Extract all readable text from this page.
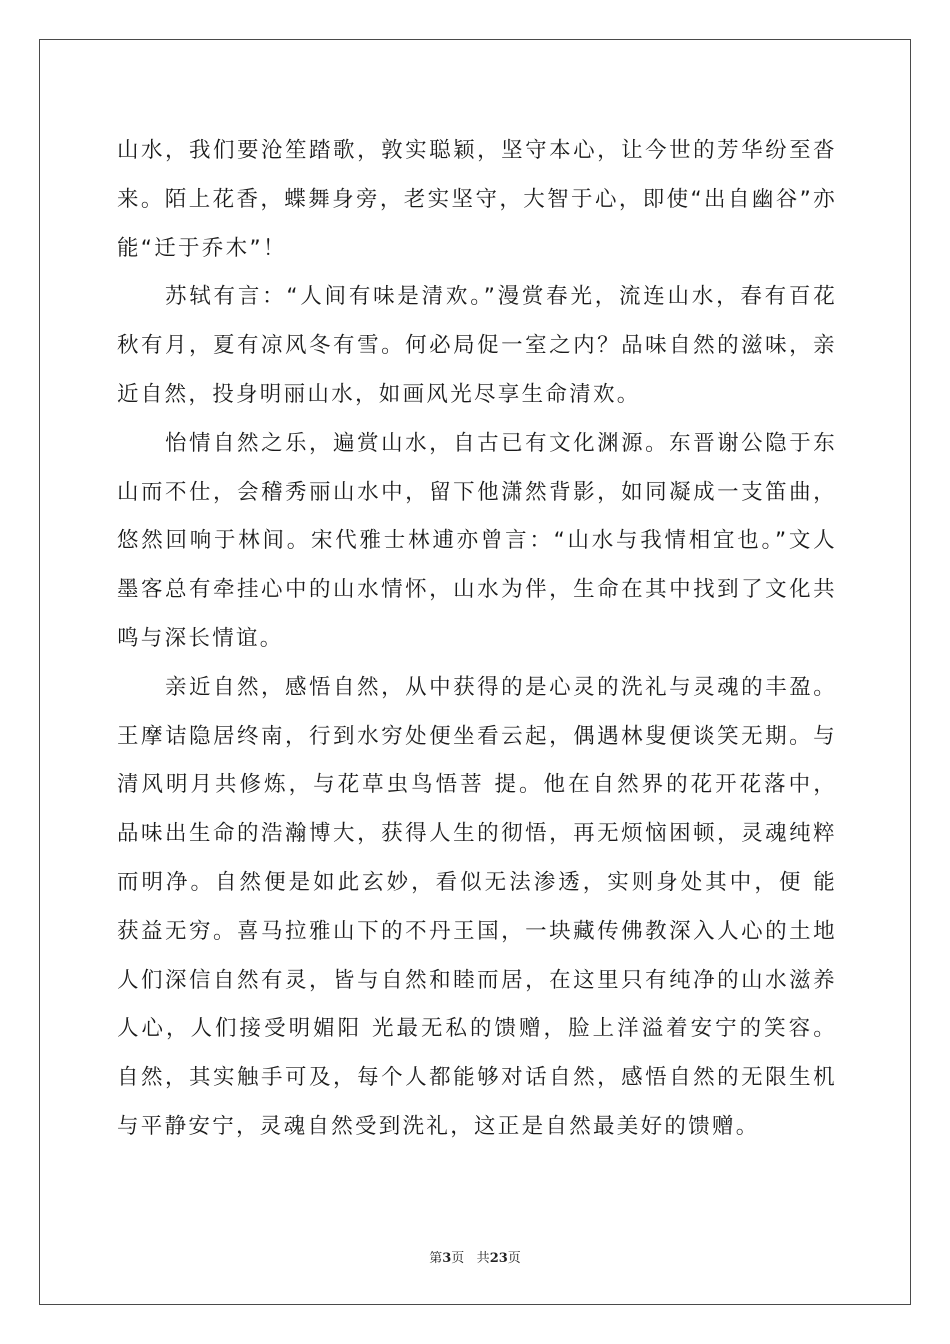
山水，我们要沧笙踏歌，敦实聪颖，坚守本心，让今世的芳华纷至沓来。陌上花香，蝶舞身旁，老实坚守，大智于心，即使“出自幽谷”亦能“迁于乔木”！

苏轼有言：“人间有味是清欢。”漫赏春光，流连山水，春有百花秋有月，夏有凉风冬有雪。何必局促一室之内？品味自然的滋味，亲近自然，投身明丽山水，如画风光尽享生命清欢。

怡情自然之乐，遍赏山水，自古已有文化渊源。东晋谢公隐于东山而不仕，会稽秀丽山水中，留下他潇然背影，如同凝成一支笛曲，悠然回响于林间。宋代雅士林逋亦曾言：“山水与我情相宜也。”文人墨客总有牵挂心中的山水情怀，山水为伴，生命在其中找到了文化共鸣与深长情谊。

亲近自然，感悟自然，从中获得的是心灵的洗礼与灵魂的丰盈。王摩诘隐居终南，行到水穷处便坐看云起，偶遇林叟便谈笑无期。与清风明月共修炼，与花草虫鸟悟菩 提。他在自然界的花开花落中，品味出生命的浩瀚博大，获得人生的彻悟，再无烦恼困顿，灵魂纯粹而明净。自然便是如此玄妙，看似无法渗透，实则身处其中，便 能获益无穷。喜马拉雅山下的不丹王国，一块藏传佛教深入人心的土地人们深信自然有灵，皆与自然和睦而居，在这里只有纯净的山水滋养人心，人们接受明媚阳 光最无私的馈赠，脸上洋溢着安宁的笑容。自然，其实触手可及，每个人都能够对话自然，感悟自然的无限生机与平静安宁，灵魂自然受到洗礼，这正是自然最美好的馈赠。

第3页 共23页
